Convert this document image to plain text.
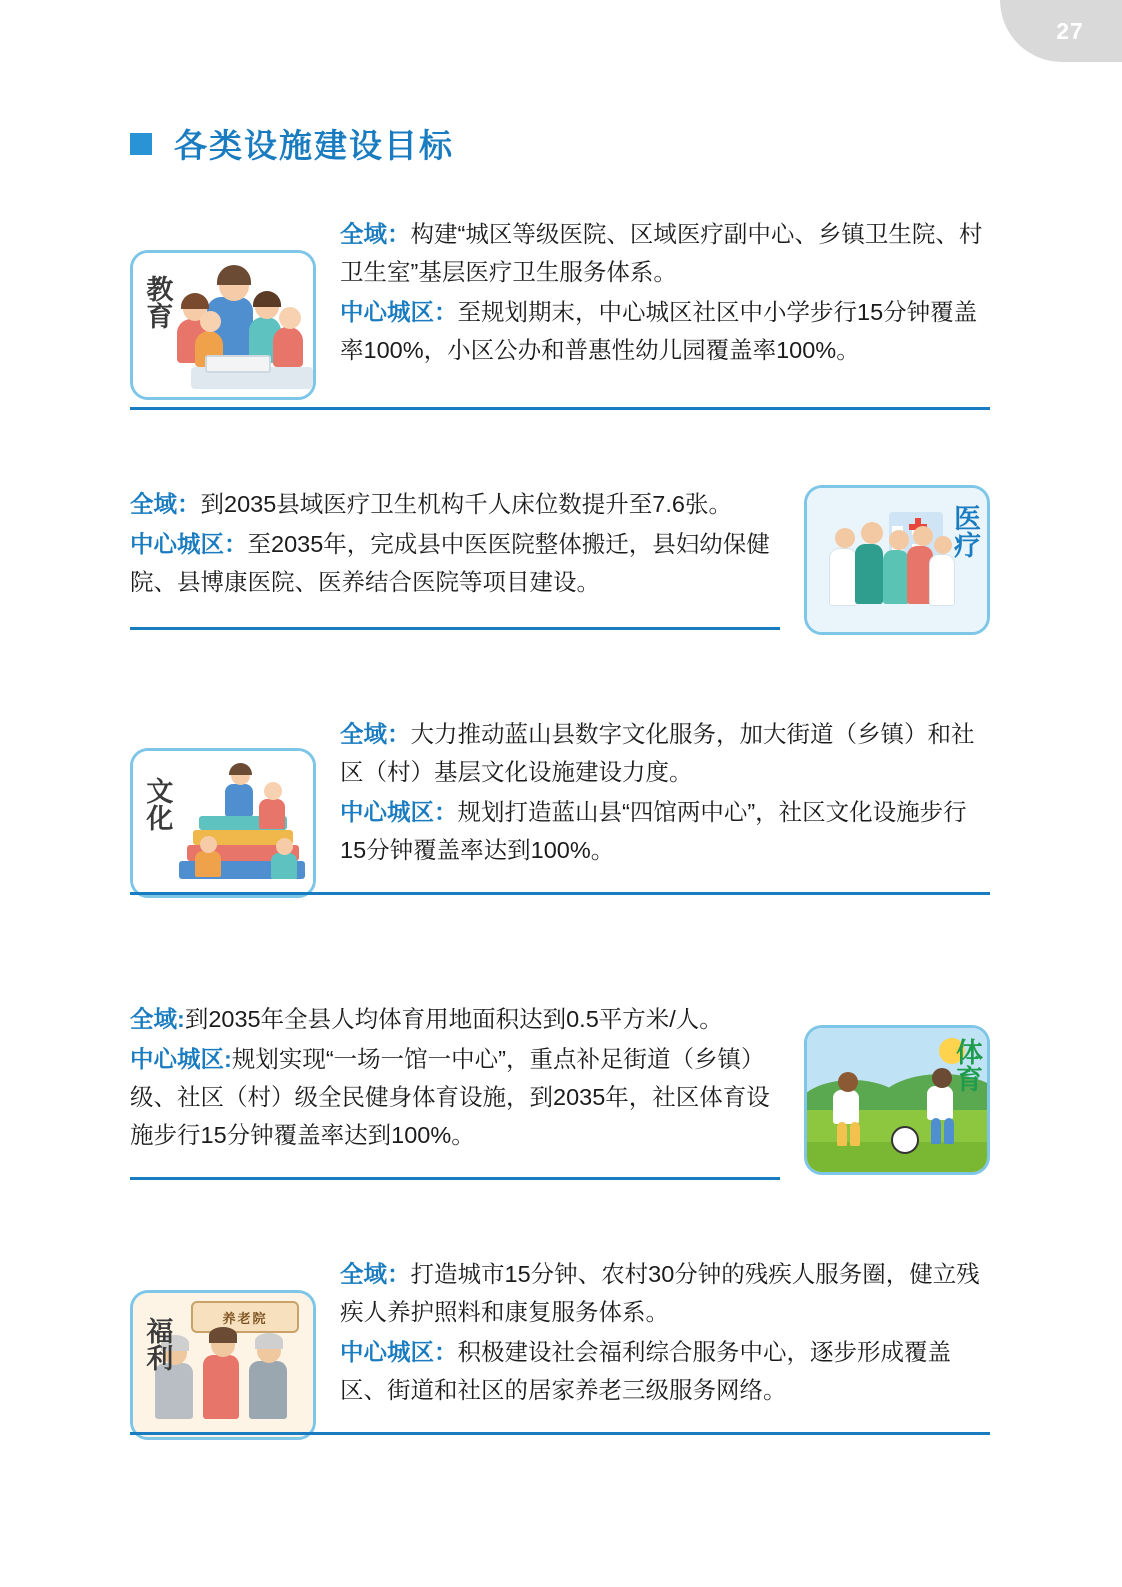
27
各类设施建设目标
教育

全域：构建“城区等级医院、区域医疗副中心、乡镇卫生院、村卫生室”基层医疗卫生服务体系。

中心城区：至规划期末，中心城区社区中小学步行15分钟覆盖率100%，小区公办和普惠性幼儿园覆盖率100%。

医疗

全域：到2035县域医疗卫生机构千人床位数提升至7.6张。

中心城区：至2035年，完成县中医医院整体搬迁，县妇幼保健院、县博康医院、医养结合医院等项目建设。

文化

全域：大力推动蓝山县数字文化服务，加大街道（乡镇）和社区（村）基层文化设施建设力度。

中心城区：规划打造蓝山县“四馆两中心”，社区文化设施步行15分钟覆盖率达到100%。

体育

全域:到2035年全县人均体育用地面积达到0.5平方米/人。

中心城区:规划实现“一场一馆一中心”，重点补足街道（乡镇）级、社区（村）级全民健身体育设施，到2035年，社区体育设施步行15分钟覆盖率达到100%。

养老院
福利

全域：打造城市15分钟、农村30分钟的残疾人服务圈，健立残疾人养护照料和康复服务体系。

中心城区：积极建设社会福利综合服务中心，逐步形成覆盖区、街道和社区的居家养老三级服务网络。
